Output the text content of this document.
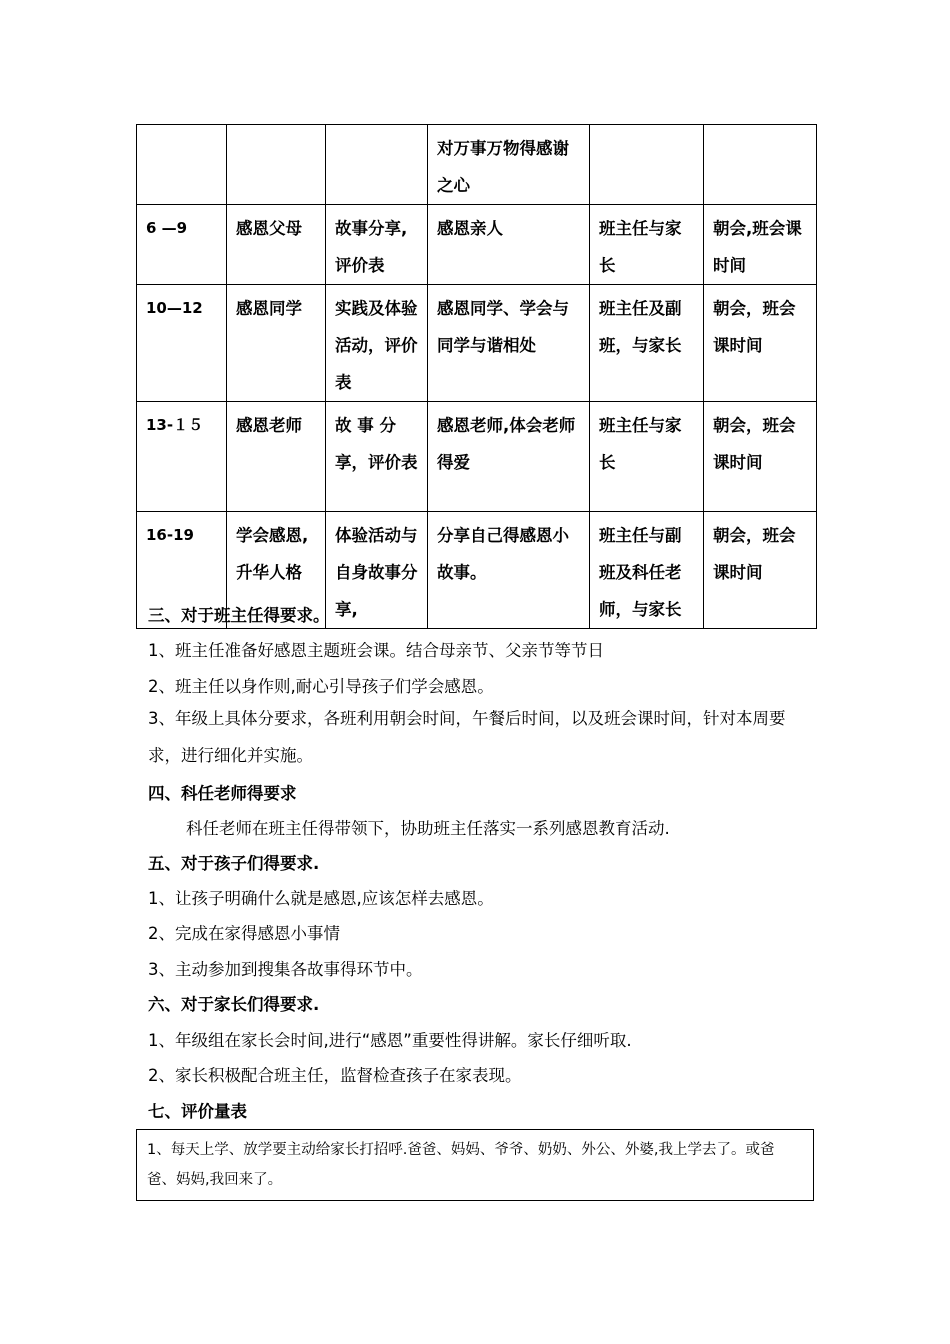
			对万事万物得感谢之心		
6 —9	感恩父母	故事分享,评价表	感恩亲人	班主任与家长	朝会,班会课时间
10—12	感恩同学	实践及体验活动，评价表	感恩同学、学会与同学与谐相处	班主任及副班，与家长	朝会，班会课时间
13-１５	感恩老师	故 事 分享，评价表	感恩老师,体会老师得爱	班主任与家长	朝会，班会课时间
16-19	学会感恩,升华人格	体验活动与自身故事分享,	分享自己得感恩小故事。	班主任与副班及科任老师，与家长	朝会，班会课时间
三、对于班主任得要求。
1、班主任准备好感恩主题班会课。结合母亲节、父亲节等节日
2、班主任以身作则,耐心引导孩子们学会感恩。
3、年级上具体分要求，各班利用朝会时间，午餐后时间，以及班会课时间，针对本周要求，进行细化并实施。
四、科任老师得要求
科任老师在班主任得带领下，协助班主任落实一系列感恩教育活动.
五、对于孩子们得要求.
1、让孩子明确什么就是感恩,应该怎样去感恩。
2、完成在家得感恩小事情
3、主动参加到搜集各故事得环节中。
六、对于家长们得要求.
1、年级组在家长会时间,进行“感恩”重要性得讲解。家长仔细听取.
2、家长积极配合班主任，监督检查孩子在家表现。
七、评价量表
1、每天上学、放学要主动给家长打招呼.爸爸、妈妈、爷爷、奶奶、外公、外婆,我上学去了。或爸爸、妈妈,我回来了。
